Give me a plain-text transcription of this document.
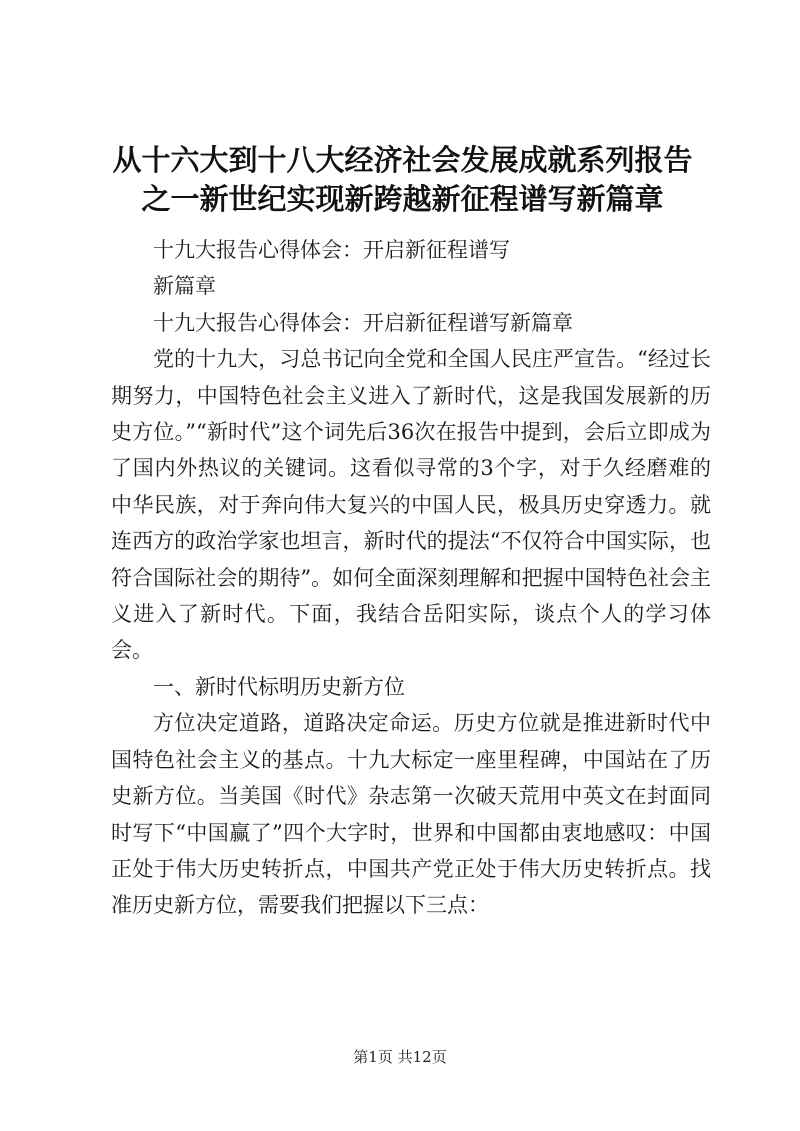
从十六大到十八大经济社会发展成就系列报告之一新世纪实现新跨越新征程谱写新篇章

十九大报告心得体会：开启新征程谱写

新篇章

十九大报告心得体会：开启新征程谱写新篇章

党的十九大，习总书记向全党和全国人民庄严宣告。“经过长期努力，中国特色社会主义进入了新时代，这是我国发展新的历史方位。”“新时代”这个词先后36次在报告中提到，会后立即成为了国内外热议的关键词。这看似寻常的3个字，对于久经磨难的中华民族，对于奔向伟大复兴的中国人民，极具历史穿透力。就连西方的政治学家也坦言，新时代的提法“不仅符合中国实际，也符合国际社会的期待”。如何全面深刻理解和把握中国特色社会主义进入了新时代。下面，我结合岳阳实际，谈点个人的学习体会。

一、新时代标明历史新方位

方位决定道路，道路决定命运。历史方位就是推进新时代中国特色社会主义的基点。十九大标定一座里程碑，中国站在了历史新方位。当美国《时代》杂志第一次破天荒用中英文在封面同时写下“中国赢了”四个大字时，世界和中国都由衷地感叹：中国正处于伟大历史转折点，中国共产党正处于伟大历史转折点。找准历史新方位，需要我们把握以下三点：

第1页 共12页
